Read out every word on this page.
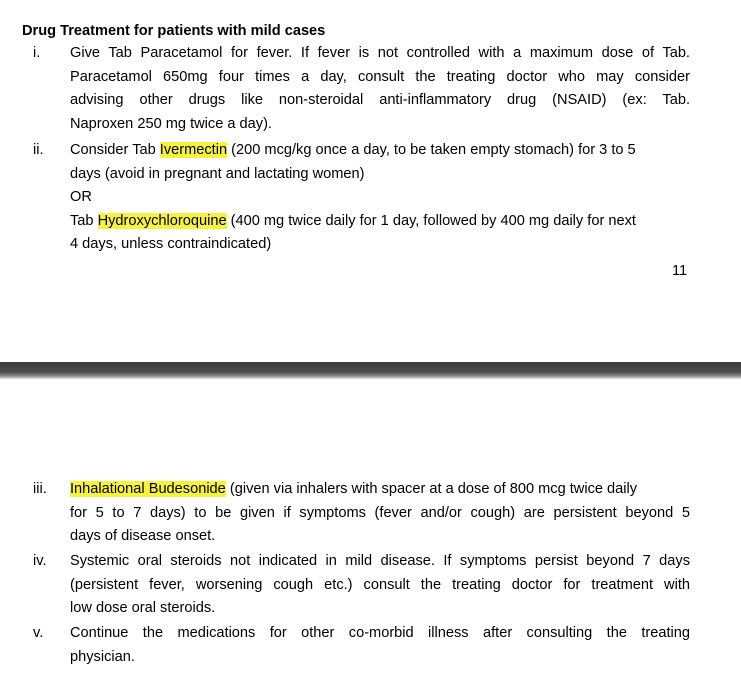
Drug Treatment for patients with mild cases
i. Give Tab Paracetamol for fever. If fever is not controlled with a maximum dose of Tab.
Paracetamol 650mg four times a day, consult the treating doctor who may consider
advising other drugs like non-steroidal anti-inflammatory drug (NSAID) (ex: Tab.
Naproxen 250 mg twice a day).
ii. Consider Tab Ivermectin (200 mcg/kg once a day, to be taken empty stomach) for 3 to 5
days (avoid in pregnant and lactating women)
OR
Tab Hydroxychloroquine (400 mg twice daily for 1 day, followed by 400 mg daily for next
4 days, unless contraindicated)
11
iii. Inhalational Budesonide (given via inhalers with spacer at a dose of 800 mcg twice daily
for 5 to 7 days) to be given if symptoms (fever and/or cough) are persistent beyond 5
days of disease onset.
iv. Systemic oral steroids not indicated in mild disease. If symptoms persist beyond 7 days
(persistent fever, worsening cough etc.) consult the treating doctor for treatment with
low dose oral steroids.
v. Continue the medications for other co-morbid illness after consulting the treating
physician.
